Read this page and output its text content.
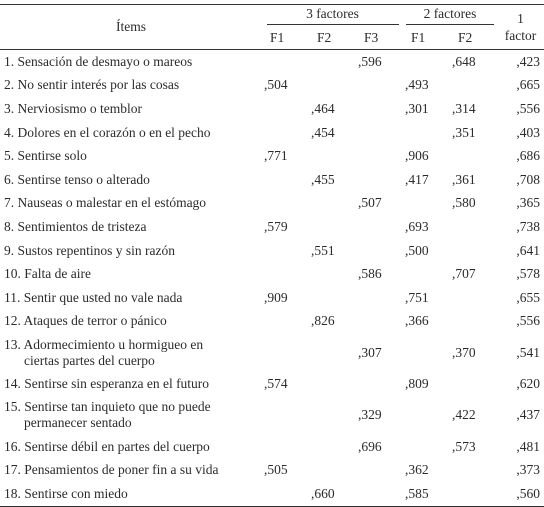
Ítems	3 factores			2 factores		1
factor
	F1	F2	F3	F1	F2	
1. Sensación de desmayo o mareos			,596		,648	,423
2. No sentir interés por las cosas	,504			,493		,665
3. Nerviosismo o temblor		,464		,301	,314	,556
4. Dolores en el corazón o en el pecho		,454			,351	,403
5. Sentirse solo	,771			,906		,686
6. Sentirse tenso o alterado		,455		,417	,361	,708
7. Nauseas o malestar en el estómago			,507		,580	,365
8. Sentimientos de tristeza	,579			,693		,738
9. Sustos repentinos y sin razón		,551		,500		,641
10. Falta de aire			,586		,707	,578
11. Sentir que usted no vale nada	,909			,751		,655
12. Ataques de terror o pánico		,826		,366		,556
13. Adormecimiento u hormigueo en
ciertas partes del cuerpo			,307		,370	,541
14. Sentirse sin esperanza en el futuro	,574			,809		,620
15. Sentirse tan inquieto que no puede
permanecer sentado			,329		,422	,437
16. Sentirse débil en partes del cuerpo			,696		,573	,481
17. Pensamientos de poner fin a su vida	,505			,362		,373
18. Sentirse con miedo		,660		,585		,560
